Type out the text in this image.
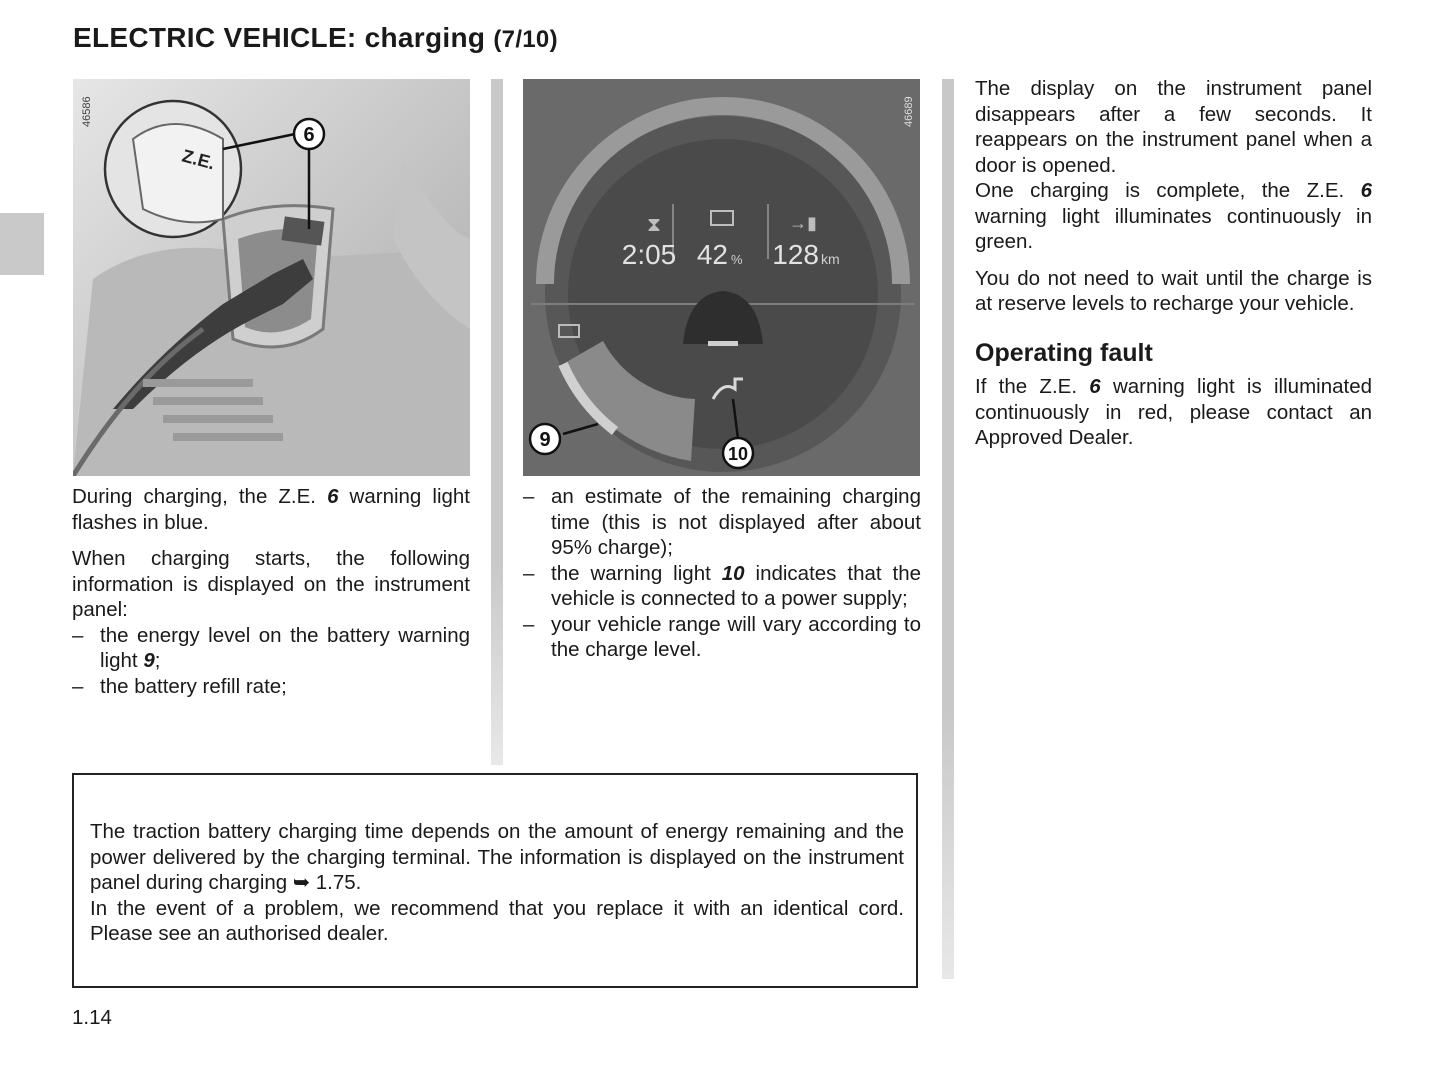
ELECTRIC VEHICLE: charging (7/10)
Z.E.
6
46586
⧗	→▮
2:05 42 % 128 km
9
10
46689

During charging, the Z.E. 6 warning light flashes in blue.

When charging starts, the following information is displayed on the instrument panel:

– the energy level on the battery warning light 9;
– the battery refill rate;
– an estimate of the remaining charging time (this is not displayed after about 95% charge);
– the warning light 10 indicates that the vehicle is connected to a power supply;
– your vehicle range will vary according to the charge level.

The display on the instrument panel disappears after a few seconds. It reappears on the instrument panel when a door is opened.

One charging is complete, the Z.E. 6 warning light illuminates continuously in green.

You do not need to wait until the charge is at reserve levels to recharge your vehicle.

Operating fault

If the Z.E. 6 warning light is illuminated continuously in red, please contact an Approved Dealer.

The traction battery charging time depends on the amount of energy remaining and the power delivered by the charging terminal. The information is displayed on the instrument panel during charging ➥ 1.75.

In the event of a problem, we recommend that you replace it with an identical cord. Please see an authorised dealer.

1.14
